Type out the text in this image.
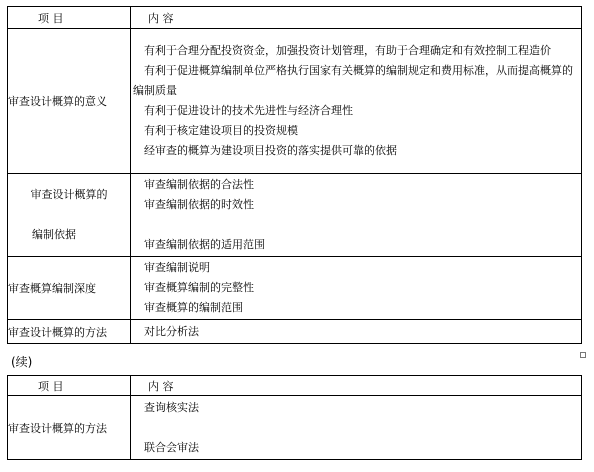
项 目	内 容
审查设计概算的意义	有利于合理分配投资资金，加强投资计划管理，有助于合理确定和有效控制工程造价
有利于促进概算编制单位严格执行国家有关概算的编制规定和费用标准，从而提高概算的编制质量
有利于促进设计的技术先进性与经济合理性
有利于核定建设项目的投资规模
经审查的概算为建设项目投资的落实提供可靠的依据

审查设计概算的
编制依据	审查编制依据的合法性
审查编制依据的时效性
审查编制依据的适用范围

审查概算编制深度	审查编制说明
审查概算编制的完整性
审查概算的编制范围

审查设计概算的方法	对比分析法
(续)
项 目	内 容
审查设计概算的方法	查询核实法
联合会审法
